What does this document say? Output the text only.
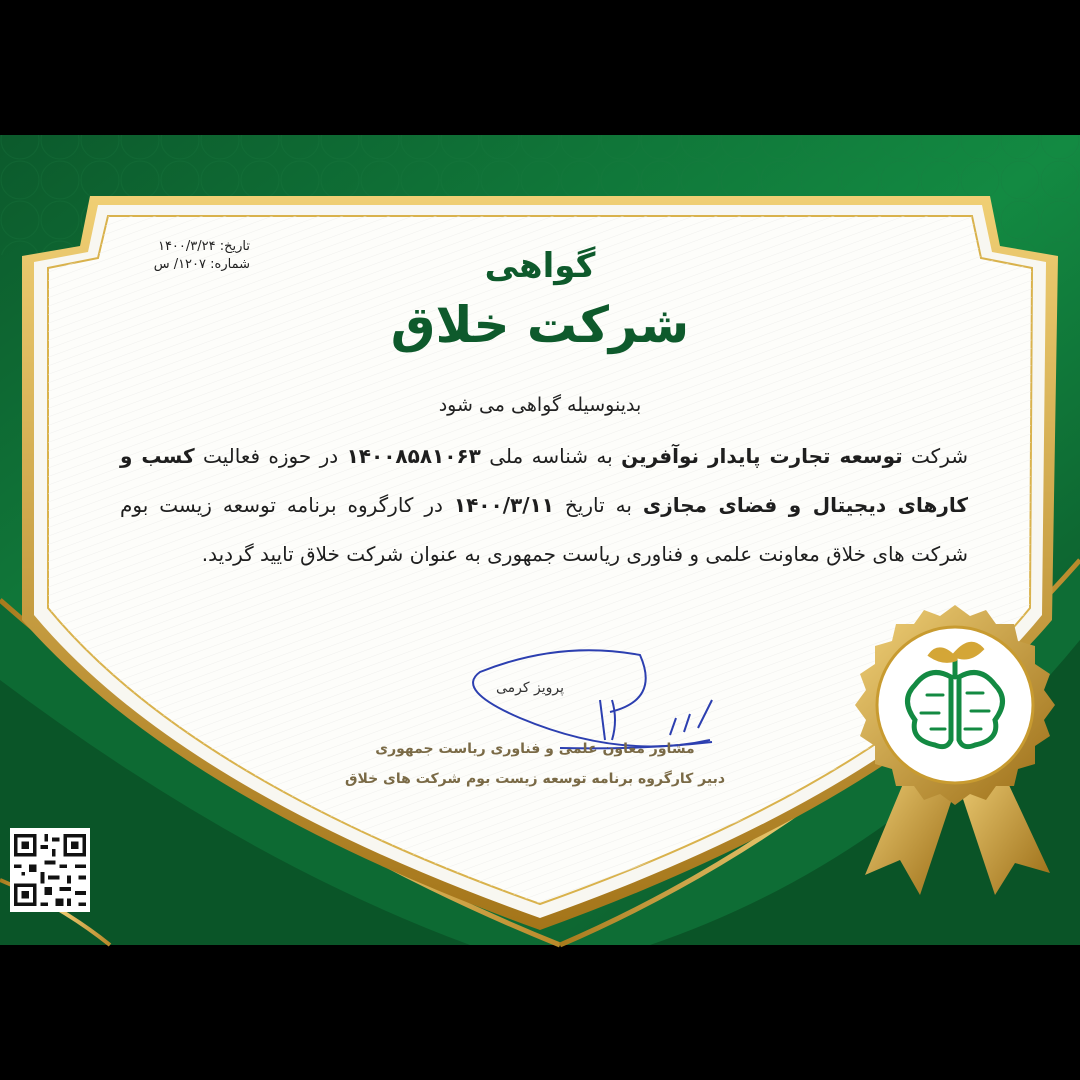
تاریخ: ۱۴۰۰/۳/۲۴
شماره: ۱۲۰۷/ س	گواهی
شرکت خلاق
بدینوسیله گواهی می شود
شرکت توسعه تجارت پایدار نوآفرین به شناسه ملی ۱۴۰۰۸۵۸۱۰۶۳ در حوزه فعالیت کسب و کارهای دیجیتال و فضای مجازی به تاریخ ۱۴۰۰/۳/۱۱ در کارگروه برنامه توسعه زیست بوم شرکت های خلاق معاونت علمی و فناوری ریاست جمهوری به عنوان شرکت خلاق تایید گردید.
پرویز کرمی
مشاور معاون علمی و فناوری ریاست جمهوری
دبیر کارگروه برنامه توسعه زیست بوم شرکت های خلاق
